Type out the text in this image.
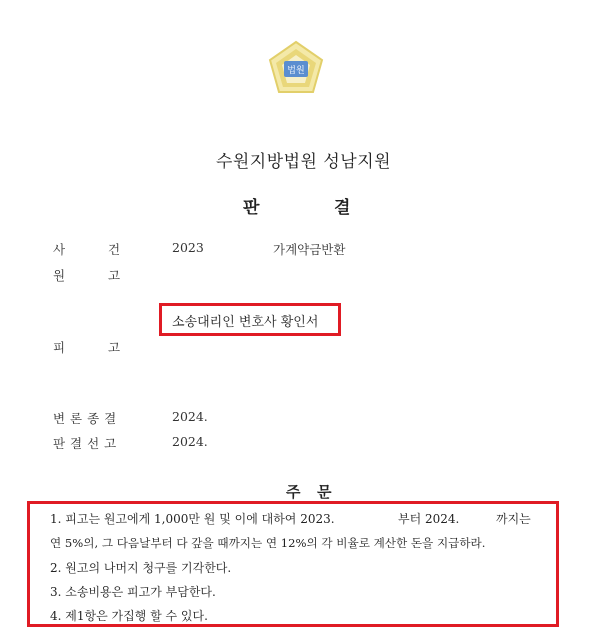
법원
수원지방법원 성남지원
판	결
사	건	2023	가계약금반환
원	고
소송대리인 변호사 황인서
피	고
변 론 종 결	2024.
판 결 선 고	2024.
주 문
1. 피고는 원고에게 1,000만 원 및 이에 대하여 2023.	부터 2024.	까지는
연 5%의, 그 다음날부터 다 갚을 때까지는 연 12%의 각 비율로 계산한 돈을 지급하라.
2. 원고의 나머지 청구를 기각한다.
3. 소송비용은 피고가 부담한다.
4. 제1항은 가집행 할 수 있다.
